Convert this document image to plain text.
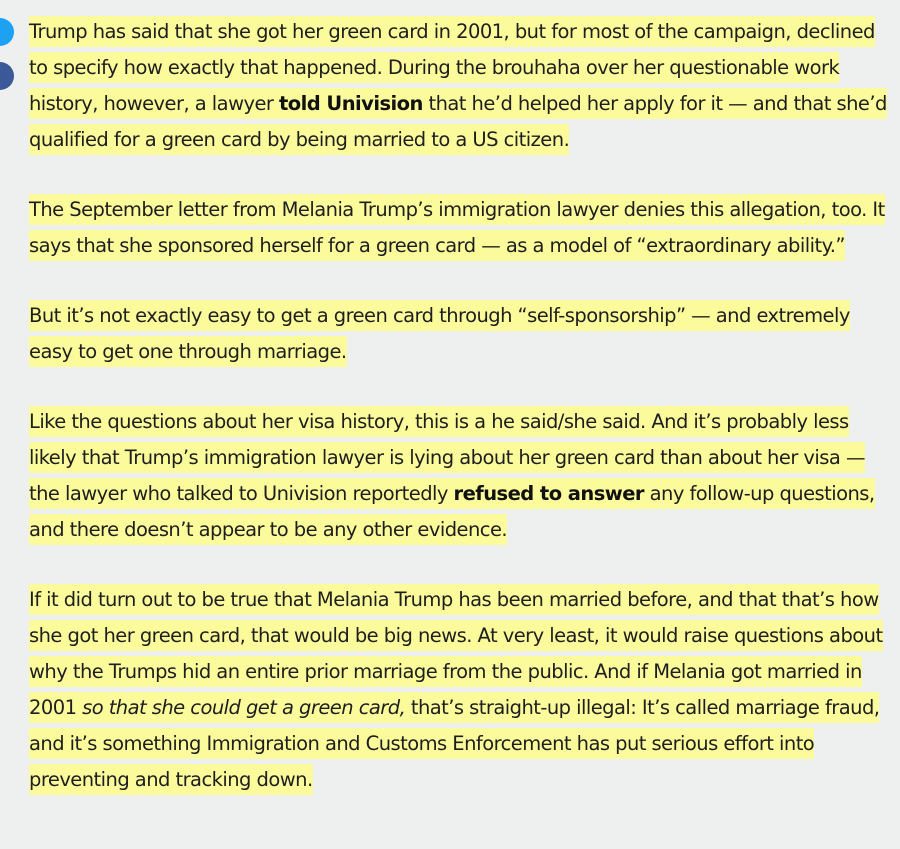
Trump has said that she got her green card in 2001, but for most of the campaign, declined to specify how exactly that happened. During the brouhaha over her questionable work history, however, a lawyer told Univision that he’d helped her apply for it — and that she’d qualified for a green card by being married to a US citizen.

The September letter from Melania Trump’s immigration lawyer denies this allegation, too. It says that she sponsored herself for a green card — as a model of “extraordinary ability.”

But it’s not exactly easy to get a green card through “self-sponsorship” — and extremely easy to get one through marriage.

Like the questions about her visa history, this is a he said/she said. And it’s probably less likely that Trump’s immigration lawyer is lying about her green card than about her visa — the lawyer who talked to Univision reportedly refused to answer any follow-up questions, and there doesn’t appear to be any other evidence.

If it did turn out to be true that Melania Trump has been married before, and that that’s how she got her green card, that would be big news. At very least, it would raise questions about why the Trumps hid an entire prior marriage from the public. And if Melania got married in 2001 so that she could get a green card, that’s straight-up illegal: It’s called marriage fraud, and it’s something Immigration and Customs Enforcement has put serious effort into preventing and tracking down.
